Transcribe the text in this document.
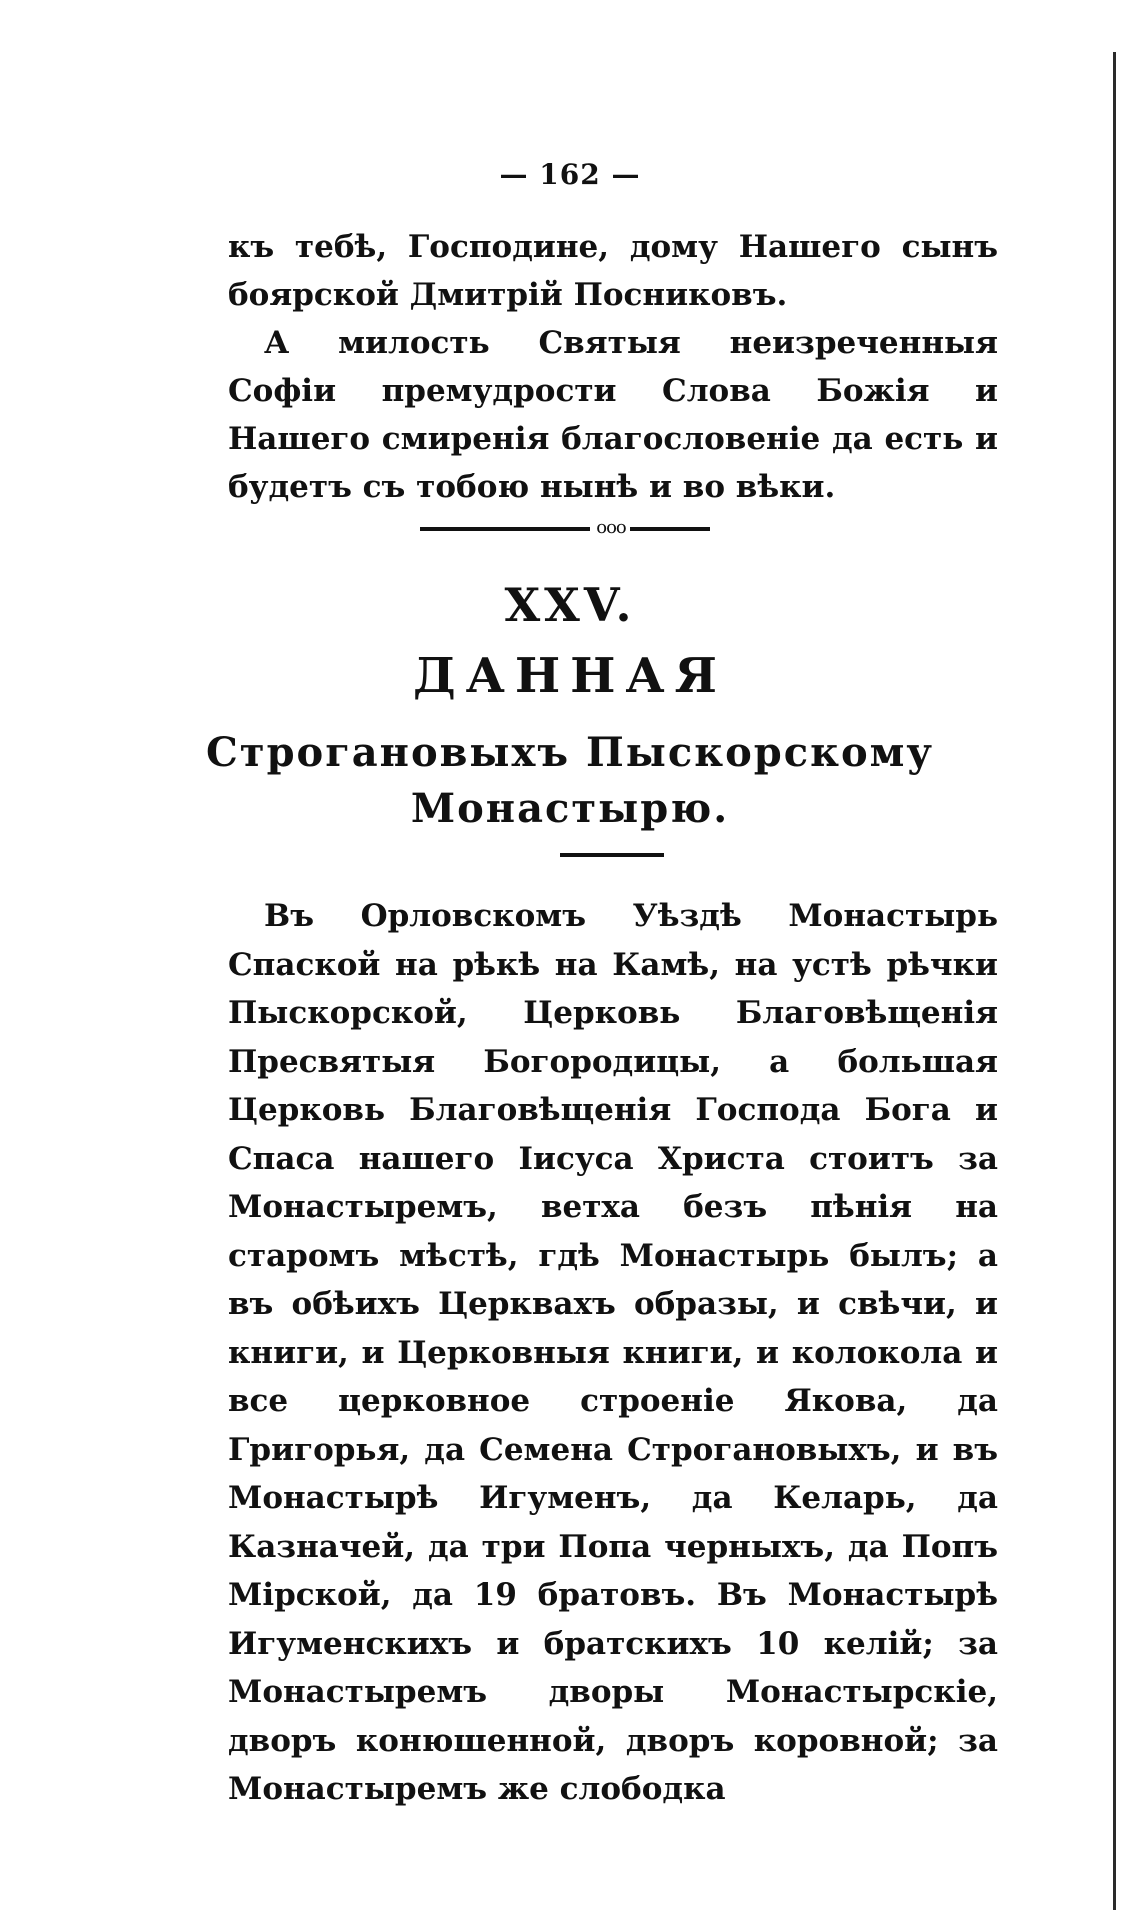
— 162 —

къ тебѣ, Господине, дому Нашего сынъ боярской Дмитрій Посниковъ.

А милость Святыя неизреченныя Софіи премудрости Слова Божія и Нашего смиренія благословеніе да есть и будетъ съ тобою нынѣ и во вѣки.

ооо
XXV.
ДАННАЯ
Строгановыхъ Пыскорскому
Монастырю.

Въ Орловскомъ Уѣздѣ Монастырь Спаской на рѣкѣ на Камѣ, на устѣ рѣчки Пыскорской, Церковь Благовѣщенія Пресвятыя Богородицы, а большая Церковь Благовѣщенія Господа Бога и Спаса нашего Іисуса Христа стоитъ за Монастыремъ, ветха безъ пѣнія на старомъ мѣстѣ, гдѣ Монастырь былъ; а въ обѣихъ Церквахъ образы, и свѣчи, и книги, и Церковныя книги, и колокола и все церковное строеніе Якова, да Григорья, да Семена Строгановыхъ, и въ Монастырѣ Игуменъ, да Келарь, да Казначей, да три Попа черныхъ, да Попъ Мірской, да 19 братовъ. Въ Монастырѣ Игуменскихъ и братскихъ 10 келій; за Монастыремъ дворы Монастырскіе, дворъ конюшенной, дворъ коровной; за Монастыремъ же слободка
